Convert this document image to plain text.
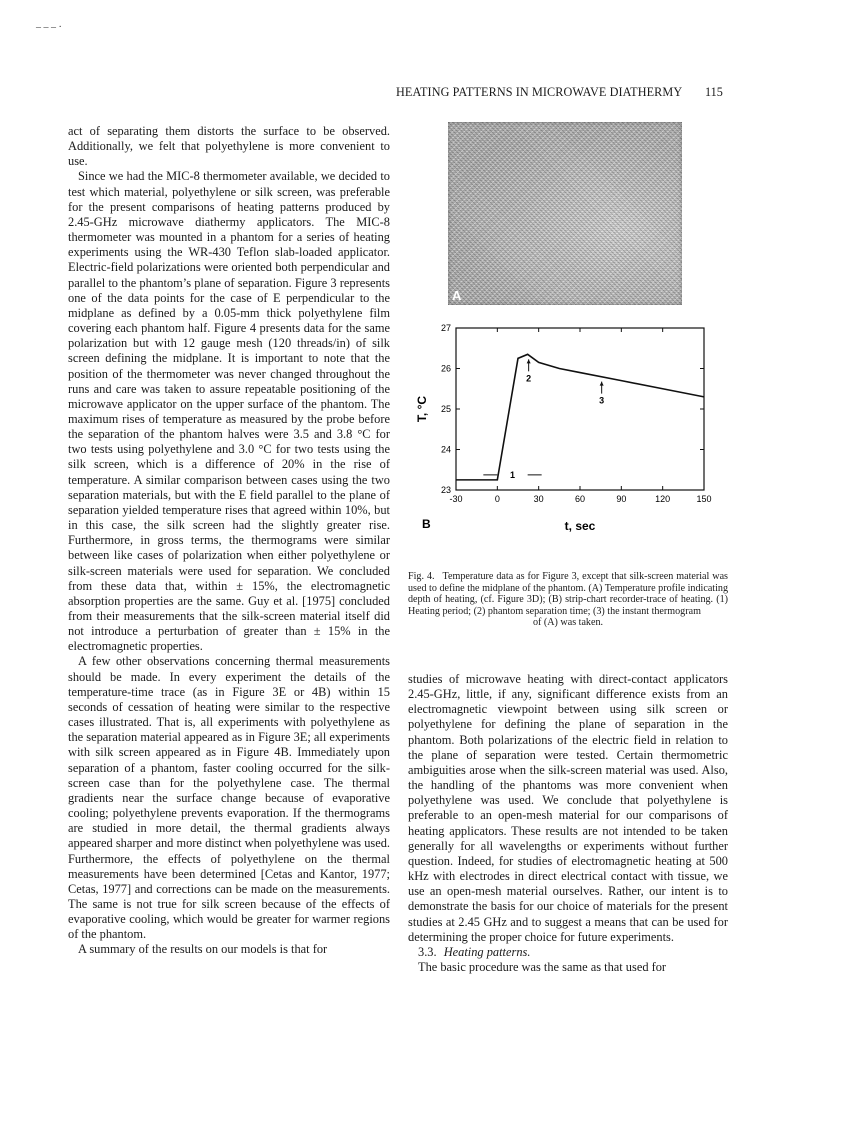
HEATING PATTERNS IN MICROWAVE DIATHERMY 115
– – – ·

act of separating them distorts the surface to be observed. Additionally, we felt that polyethylene is more convenient to use.

Since we had the MIC-8 thermometer available, we decided to test which material, polyethylene or silk screen, was preferable for the present comparisons of heating patterns produced by 2.45-GHz microwave diathermy applicators. The MIC-8 thermometer was mounted in a phantom for a series of heating experiments using the WR-430 Teflon slab-loaded applicator. Electric-field polarizations were oriented both perpendicular and parallel to the phantom’s plane of separation. Figure 3 represents one of the data points for the case of E perpendicular to the midplane as defined by a 0.05-mm thick polyethylene film covering each phantom half. Figure 4 presents data for the same polarization but with 12 gauge mesh (120 threads/in) of silk screen defining the midplane. It is important to note that the position of the thermometer was never changed throughout the runs and care was taken to assure repeatable positioning of the microwave applicator on the upper surface of the phantom. The maximum rises of temperature as measured by the probe before the separation of the phantom halves were 3.5 and 3.8 °C for two tests using polyethylene and 3.0 °C for two tests using the silk screen, which is a difference of 20% in the rise of temperature. A similar comparison between cases using the two separation materials, but with the E field parallel to the plane of separation yielded temperature rises that agreed within 10%, but in this case, the silk screen had the slightly greater rise. Furthermore, in gross terms, the thermograms were similar between like cases of polarization when either polyethylene or silk-screen materials were used for separation. We concluded from these data that, within ± 15%, the electromagnetic absorption properties are the same. Guy et al. [1975] concluded from their measurements that the silk-screen material itself did not introduce a perturbation of greater than ± 15% in the electromagnetic properties.

A few other observations concerning thermal measurements should be made. In every experiment the details of the temperature-time trace (as in Figure 3E or 4B) within 15 seconds of cessation of heating were similar to the respective cases illustrated. That is, all experiments with polyethylene as the separation material appeared as in Figure 3E; all experiments with silk screen appeared as in Figure 4B. Immediately upon separation of a phantom, faster cooling occurred for the silk-screen case than for the polyethylene case. The thermal gradients near the surface change because of evaporative cooling; polyethylene prevents evaporation. If the thermograms are studied in more detail, the thermal gradients always appeared sharper and more distinct when polyethylene was used. Furthermore, the effects of polyethylene on the thermal measurements have been determined [Cetas and Kantor, 1977; Cetas, 1977] and corrections can be made on the measurements. The same is not true for silk screen because of the effects of evaporative cooling, which would be greater for warmer regions of the phantom.

A summary of the results on our models is that for

A
-30	0	30	60	90	120	150
23
24
25
26
27
t, sec
T, °C
B
1
2
3
Fig. 4. Temperature data as for Figure 3, except that silk-screen material was used to define the midplane of the phantom. (A) Temperature profile indicating depth of heating, (cf. Figure 3D); (B) strip-chart recorder-trace of heating. (1) Heating period; (2) phantom separation time; (3) the instant thermogram
of (A) was taken.

studies of microwave heating with direct-contact applicators 2.45-GHz, little, if any, significant difference exists from an electromagnetic viewpoint between using silk screen or polyethylene for defining the plane of separation in the phantom. Both polarizations of the electric field in relation to the plane of separation were tested. Certain thermometric ambiguities arose when the silk-screen material was used. Also, the handling of the phantoms was more convenient when polyethylene was used. We conclude that polyethylene is preferable to an open-mesh material for our comparisons of heating applicators. These results are not intended to be taken generally for all wavelengths or experiments without further question. Indeed, for studies of electromagnetic heating at 500 kHz with electrodes in direct electrical contact with tissue, we use an open-mesh material ourselves. Rather, our intent is to demonstrate the basis for our choice of materials for the present studies at 2.45 GHz and to suggest a means that can be used for determining the proper choice for future experiments.

3.3. Heating patterns.

The basic procedure was the same as that used for
